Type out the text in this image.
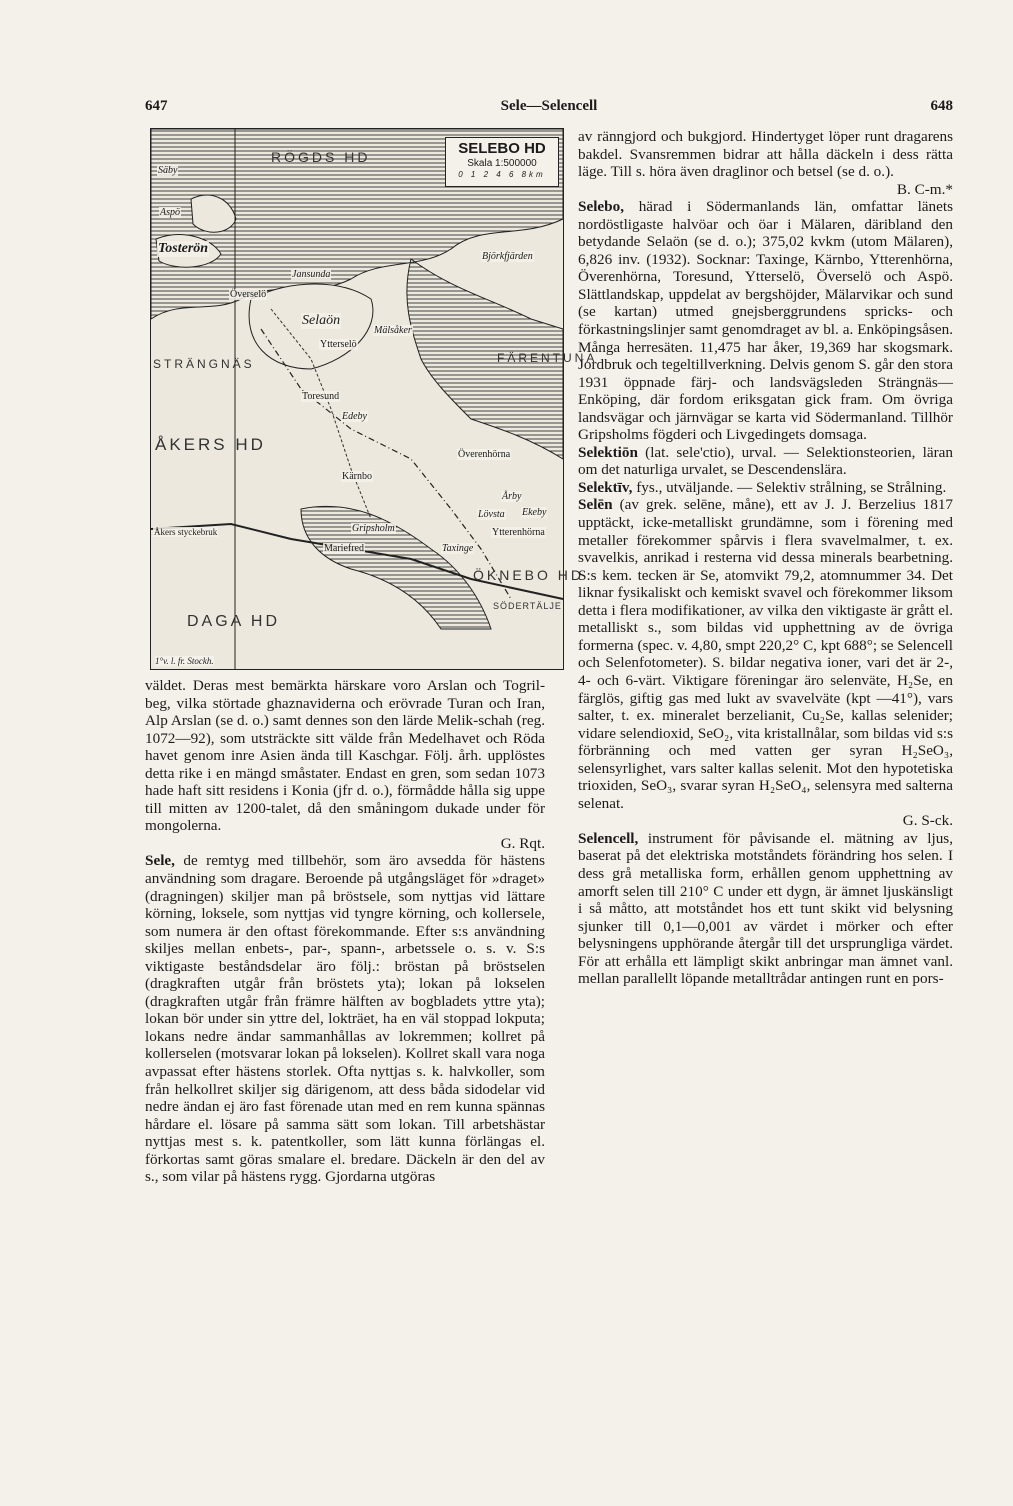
647	Sele—Selencell	648
SELEBO HD
Skala 1:500000
0 1 2 4 6 8km
RÖGDS HD
STRÄNGNÄS
ÅKERS HD
DAGA HD
ÖKNEBO HD
FÄRENTUNA
SÖDERTÄLJE
Säby
Aspö
Tosterön
Jansunda
Överselö
Selaön
Mälsåker
Ytterselö
Toresund
Edeby
Björkfjärden
Överenhörna
Kärnbo
Årby
Lövsta Ekeby
Gripsholm	Ytterenhörna
Mariefred	Taxinge
Åkers styckebruk
1°v. l. fr. Stockh.

väldet. Deras mest bemärkta härskare voro Arslan och Togril-beg, vilka störtade ghaznaviderna och erövrade Turan och Iran, Alp Arslan (se d. o.) samt dennes son den lärde Melik-schah (reg. 1072—92), som utsträckte sitt välde från Medelhavet och Röda havet genom inre Asien ända till Kaschgar. Följ. årh. upplöstes detta rike i en mängd småstater. Endast en gren, som sedan 1073 hade haft sitt residens i Konia (jfr d. o.), förmådde hålla sig uppe till mitten av 1200-talet, då den småningom dukade under för mongolerna.
G. Rqt.

Sele, de remtyg med tillbehör, som äro avsedda för hästens användning som dragare. Beroende på utgångsläget för »draget» (dragningen) skiljer man på bröstsele, som nyttjas vid lättare körning, loksele, som nyttjas vid tyngre körning, och kollersele, som numera är den oftast förekommande. Efter s:s användning skiljes mellan enbets-, par-, spann-, arbetssele o. s. v. S:s viktigaste beståndsdelar äro följ.: bröstan på bröstselen (dragkraften utgår från bröstets yta); lokan på lokselen (dragkraften utgår från främre hälften av bogbladets yttre yta); lokan bör under sin yttre del, lokträet, ha en väl stoppad lokputa; lokans nedre ändar sammanhållas av lokremmen; kollret på kollerselen (motsvarar lokan på lokselen). Kollret skall vara noga avpassat efter hästens storlek. Ofta nyttjas s. k. halvkoller, som från helkollret skiljer sig därigenom, att dess båda sidodelar vid nedre ändan ej äro fast förenade utan med en rem kunna spännas hårdare el. lösare på samma sätt som lokan. Till arbetshästar nyttjas mest s. k. patentkoller, som lätt kunna förlängas el. förkortas samt göras smalare el. bredare. Däckeln är den del av s., som vilar på hästens rygg. Gjordarna utgöras

av ränngjord och bukgjord. Hindertyget löper runt dragarens bakdel. Svansremmen bidrar att hålla däckeln i dess rätta läge. Till s. höra även draglinor och betsel (se d. o.).
B. C-m.*

Selebo, härad i Södermanlands län, omfattar länets nordöstligaste halvöar och öar i Mälaren, däribland den betydande Selaön (se d. o.); 375,02 kvkm (utom Mälaren), 6,826 inv. (1932). Socknar: Taxinge, Kärnbo, Ytterenhörna, Överenhörna, Toresund, Ytterselö, Överselö och Aspö. Slättlandskap, uppdelat av bergshöjder, Mälarvikar och sund (se kartan) utmed gnejsberggrundens spricks- och förkastningslinjer samt genomdraget av bl. a. Enköpingsåsen. Många herresäten. 11,475 har åker, 19,369 har skogsmark. Jordbruk och tegeltillverkning. Delvis genom S. går den stora 1931 öppnade färj- och landsvägsleden Strängnäs—Enköping, där fordom eriksgatan gick fram. Om övriga landsvägar och järnvägar se karta vid Södermanland. Tillhör Gripsholms fögderi och Livgedingets domsaga.

Selektiōn (lat. sele'ctio), urval. — Selektionsteorien, läran om det naturliga urvalet, se Descendenslära.

Selektīv, fys., utväljande. — Selektiv strålning, se Strålning.

Selēn (av grek. selēne, måne), ett av J. J. Berzelius 1817 upptäckt, icke-metalliskt grundämne, som i förening med metaller förekommer spårvis i flera svavelmalmer, t. ex. svavelkis, anrikad i resterna vid dessa minerals bearbetning. S:s kem. tecken är Se, atomvikt 79,2, atomnummer 34. Det liknar fysikaliskt och kemiskt svavel och förekommer liksom detta i flera modifikationer, av vilka den viktigaste är grått el. metalliskt s., som bildas vid upphettning av de övriga formerna (spec. v. 4,80, smpt 220,2° C, kpt 688°; se Selencell och Selenfotometer). S. bildar negativa ioner, vari det är 2-, 4- och 6-värt. Viktigare föreningar äro selenväte, H₂Se, en färglös, giftig gas med lukt av svavelväte (kpt —41°), vars salter, t. ex. mineralet berzelianit, Cu₂Se, kallas selenider; vidare selendioxid, SeO₂, vita kristallnålar, som bildas vid s:s förbränning och med vatten ger syran H₂SeO₃, selensyrlighet, vars salter kallas selenit. Mot den hypotetiska trioxiden, SeO₃, svarar syran H₂SeO₄, selensyra med salterna selenat.
G. S-ck.

Selencell, instrument för påvisande el. mätning av ljus, baserat på det elektriska motståndets förändring hos selen. I dess grå metalliska form, erhållen genom upphettning av amorft selen till 210° C under ett dygn, är ämnet ljuskänsligt i så måtto, att motståndet hos ett tunt skikt vid belysning sjunker till 0,1—0,001 av värdet i mörker och efter belysningens upphörande återgår till det ursprungliga värdet. För att erhålla ett lämpligt skikt anbringar man ämnet vanl. mellan parallellt löpande metalltrådar antingen runt en pors-
